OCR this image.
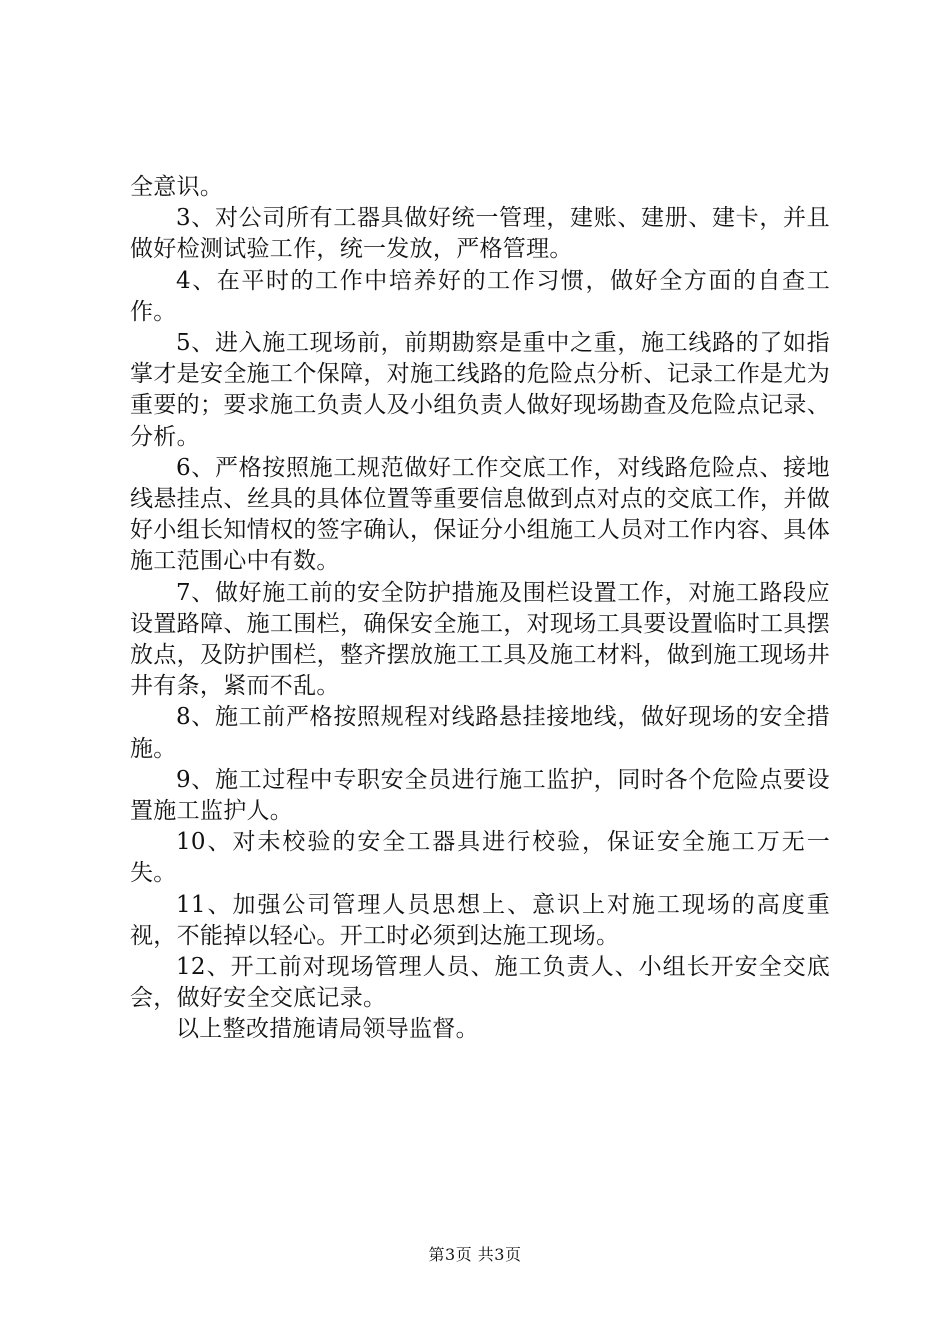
全意识。

3、对公司所有工器具做好统一管理，建账、建册、建卡，并且做好检测试验工作，统一发放，严格管理。

4、在平时的工作中培养好的工作习惯，做好全方面的自查工作。

5、进入施工现场前，前期勘察是重中之重，施工线路的了如指掌才是安全施工个保障，对施工线路的危险点分析、记录工作是尤为重要的；要求施工负责人及小组负责人做好现场勘查及危险点记录、分析。

6、严格按照施工规范做好工作交底工作，对线路危险点、接地线悬挂点、丝具的具体位置等重要信息做到点对点的交底工作，并做好小组长知情权的签字确认，保证分小组施工人员对工作内容、具体施工范围心中有数。

7、做好施工前的安全防护措施及围栏设置工作，对施工路段应设置路障、施工围栏，确保安全施工，对现场工具要设置临时工具摆放点，及防护围栏，整齐摆放施工工具及施工材料，做到施工现场井井有条，紧而不乱。

8、施工前严格按照规程对线路悬挂接地线，做好现场的安全措施。

9、施工过程中专职安全员进行施工监护，同时各个危险点要设置施工监护人。

10、对未校验的安全工器具进行校验，保证安全施工万无一失。

11、加强公司管理人员思想上、意识上对施工现场的高度重视，不能掉以轻心。开工时必须到达施工现场。

12、开工前对现场管理人员、施工负责人、小组长开安全交底会，做好安全交底记录。

以上整改措施请局领导监督。

第3页 共3页
